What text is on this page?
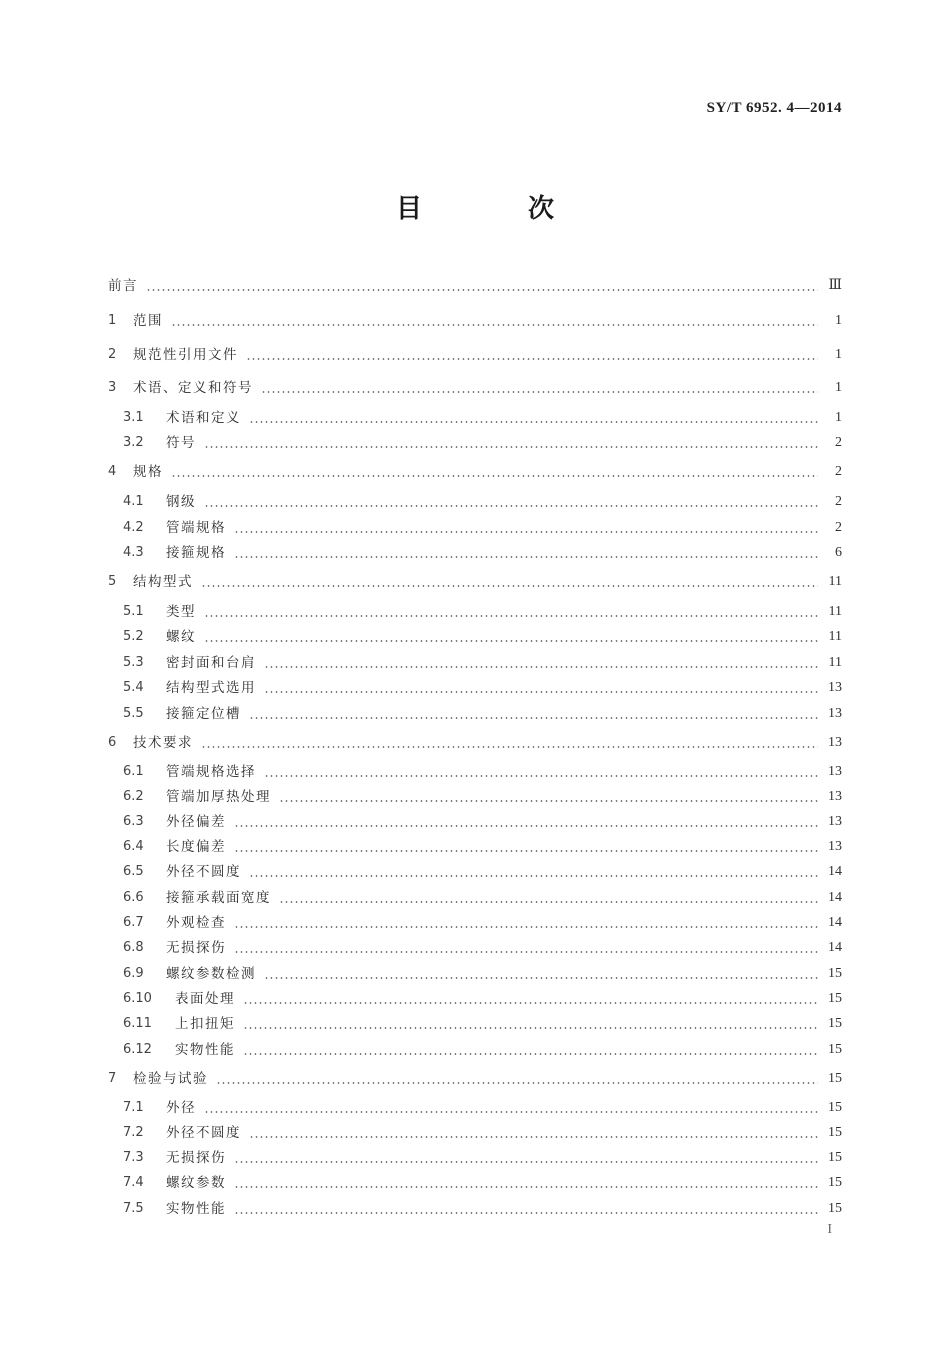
SY/T 6952. 4—2014
目　次
前言	Ⅲ
1 范围	1
2 规范性引用文件	1
3 术语、定义和符号	1
3.1 术语和定义	1
3.2 符号	2
4 规格	2
4.1 钢级	2
4.2 管端规格	2
4.3 接箍规格	6
5 结构型式	11
5.1 类型	11
5.2 螺纹	11
5.3 密封面和台肩	11
5.4 结构型式选用	13
5.5 接箍定位槽	13
6 技术要求	13
6.1 管端规格选择	13
6.2 管端加厚热处理	13
6.3 外径偏差	13
6.4 长度偏差	13
6.5 外径不圆度	14
6.6 接箍承载面宽度	14
6.7 外观检查	14
6.8 无损探伤	14
6.9 螺纹参数检测	15
6.10 表面处理	15
6.11 上扣扭矩	15
6.12 实物性能	15
7 检验与试验	15
7.1 外径	15
7.2 外径不圆度	15
7.3 无损探伤	15
7.4 螺纹参数	15
7.5 实物性能	15
I
